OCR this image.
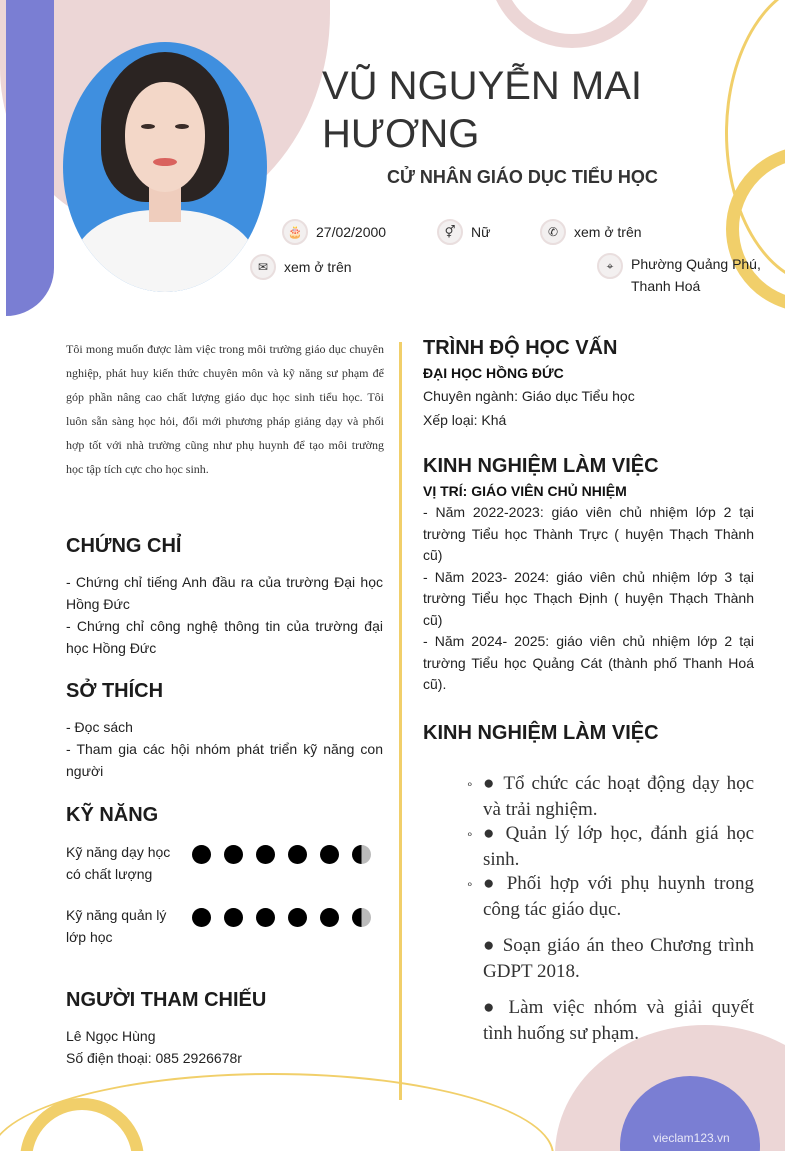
VŨ NGUYỄN MAI HƯƠNG
CỬ NHÂN GIÁO DỤC TIỂU HỌC
🎂 27/02/2000	⚥	Nữ	✆	xem ở trên
✉	xem ở trên	⌖	Phường Quảng Phú,
Thanh Hoá
Tôi mong muốn được làm việc trong môi trường giáo dục chuyên nghiệp, phát huy kiến thức chuyên môn và kỹ năng sư phạm để góp phần nâng cao chất lượng giáo dục học sinh tiểu học. Tôi luôn sẵn sàng học hỏi, đổi mới phương pháp giảng dạy và phối hợp tốt với nhà trường cũng như phụ huynh để tạo môi trường học tập tích cực cho học sinh.
CHỨNG CHỈ
- Chứng chỉ tiếng Anh đầu ra của trường Đại học Hồng Đức
- Chứng chỉ công nghệ thông tin của trường đại học Hồng Đức
SỞ THÍCH
- Đọc sách
- Tham gia các hội nhóm phát triển kỹ năng con người
KỸ NĂNG
Kỹ năng dạy học có chất lượng
Kỹ năng quản lý lớp học
NGƯỜI THAM CHIẾU
Lê Ngọc Hùng
Số điện thoại: 085 2926678r
TRÌNH ĐỘ HỌC VẤN
ĐẠI HỌC HỒNG ĐỨC
Chuyên ngành: Giáo dục Tiểu học
Xếp loại: Khá
KINH NGHIỆM LÀM VIỆC
VỊ TRÍ: GIÁO VIÊN CHỦ NHIỆM
- Năm 2022-2023: giáo viên chủ nhiệm lớp 2 tại trường Tiểu học Thành Trực ( huyện Thạch Thành cũ)
- Năm 2023- 2024: giáo viên chủ nhiệm lớp 3 tại trường Tiểu học Thạch Định ( huyện Thạch Thành cũ)
- Năm 2024- 2025: giáo viên chủ nhiệm lớp 2 tại trường Tiểu học Quảng Cát (thành phố Thanh Hoá cũ).
KINH NGHIỆM LÀM VIỆC
∘ ● Tổ chức các hoạt động dạy học và trải nghiệm.
∘ ● Quản lý lớp học, đánh giá học sinh.
∘ ● Phối hợp với phụ huynh trong công tác giáo dục.
● Soạn giáo án theo Chương trình GDPT 2018.
● Làm việc nhóm và giải quyết tình huống sư phạm.
vieclam123.vn
